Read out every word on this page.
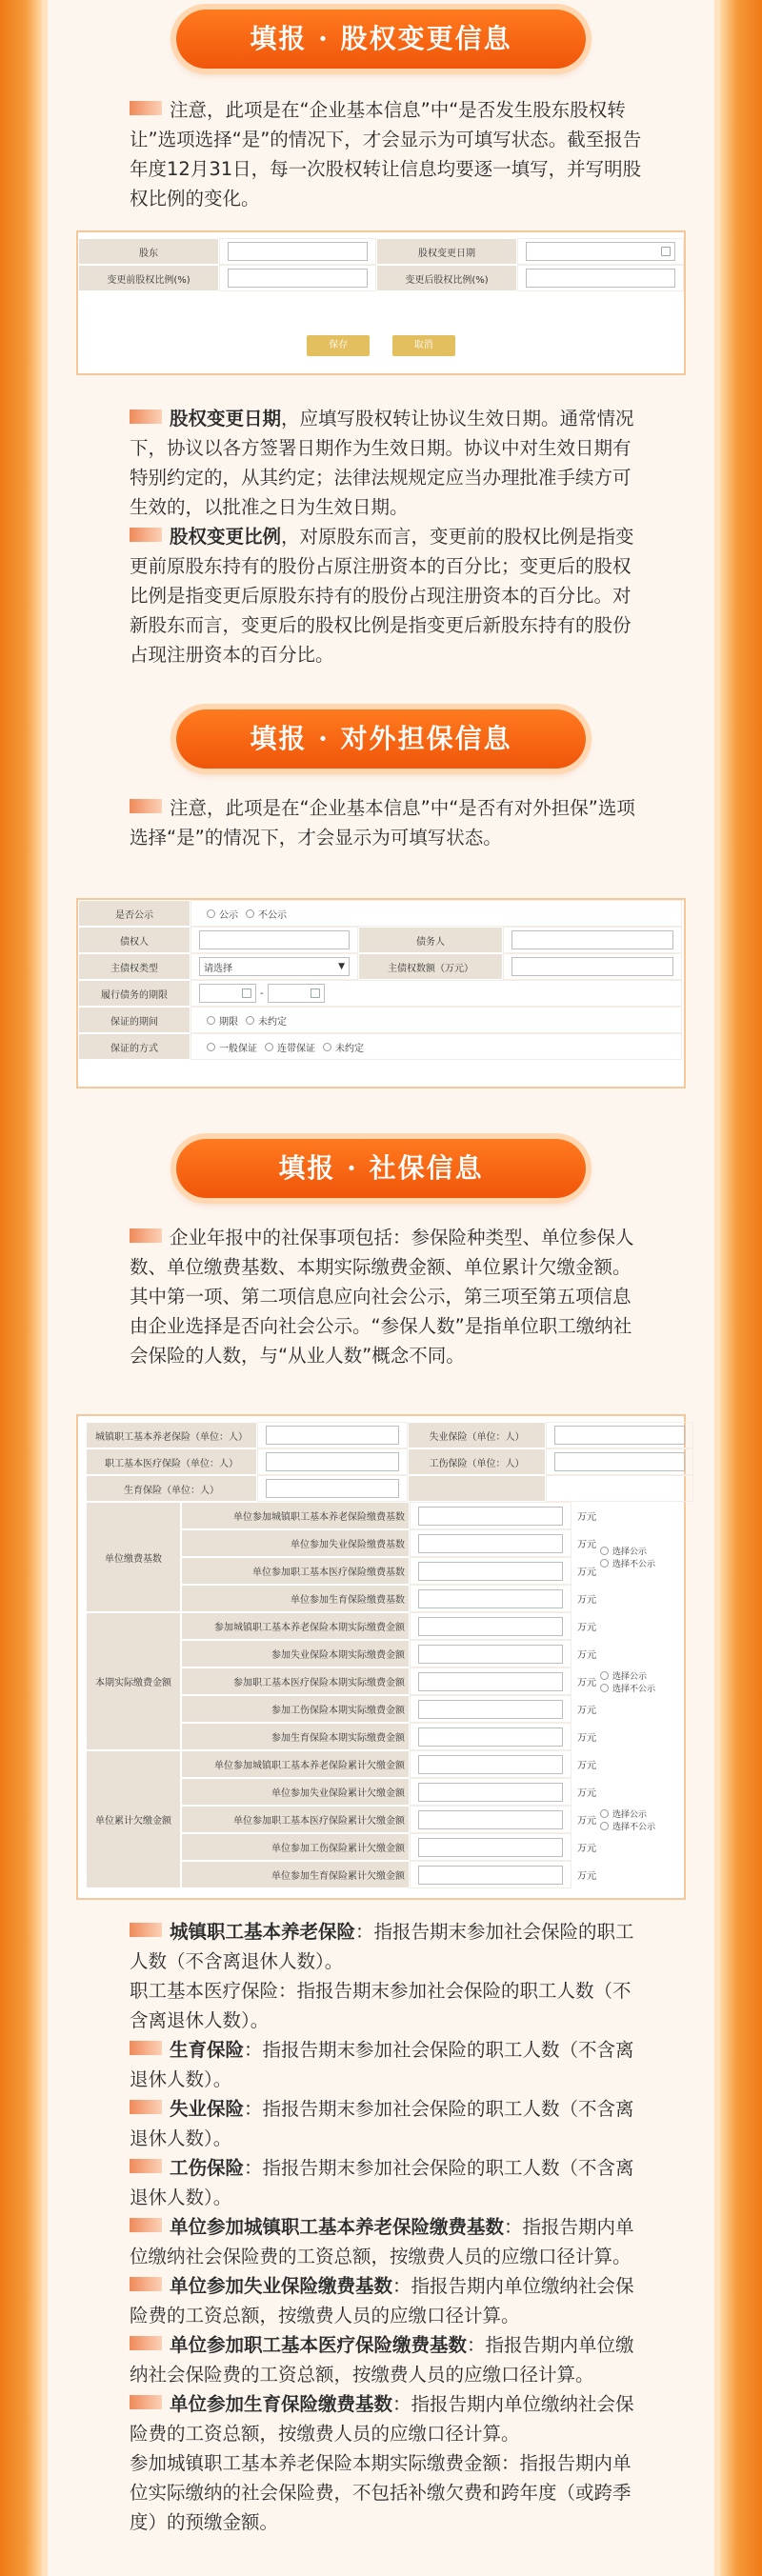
填报 · 股权变更信息
注意，此项是在“企业基本信息”中“是否发生股东股权转让”选项选择“是”的情况下，才会显示为可填写状态。截至报告年度12月31日，每一次股权转让信息均要逐一填写，并写明股权比例的变化。
股东	股权变更日期
变更前股权比例(%)	变更后股权比例(%)
保存	取消

股权变更日期，应填写股权转让协议生效日期。通常情况下，协议以各方签署日期作为生效日期。协议中对生效日期有特别约定的，从其约定；法律法规规定应当办理批准手续方可生效的，以批准之日为生效日期。

股权变更比例，对原股东而言，变更前的股权比例是指变更前原股东持有的股份占原注册资本的百分比；变更后的股权比例是指变更后原股东持有的股份占现注册资本的百分比。对新股东而言，变更后的股权比例是指变更后新股东持有的股份占现注册资本的百分比。

填报 · 对外担保信息
注意，此项是在“企业基本信息”中“是否有对外担保”选项选择“是”的情况下，才会显示为可填写状态。
是否公示	公示 不公示
债权人	债务人
主债权类型	请选择	▼	主债权数额（万元）
履行债务的期限	-
保证的期间	期限 未约定
保证的方式	一般保证 连带保证 未约定
填报 · 社保信息
企业年报中的社保事项包括：参保险种类型、单位参保人数、单位缴费基数、本期实际缴费金额、单位累计欠缴金额。其中第一项、第二项信息应向社会公示，第三项至第五项信息由企业选择是否向社会公示。“参保人数”是指单位职工缴纳社会保险的人数，与“从业人数”概念不同。
城镇职工基本养老保险（单位：人）	失业保险（单位：人）
职工基本医疗保险（单位：人）	工伤保险（单位：人）
生育保险（单位：人）
单位缴费基数
单位参加城镇职工基本养老保险缴费基数	万元
选择公示
选择不公示
单位参加失业保险缴费基数	万元
单位参加职工基本医疗保险缴费基数	万元
单位参加生育保险缴费基数	万元
本期实际缴费金额
参加城镇职工基本养老保险本期实际缴费金额	万元
选择公示
选择不公示
参加失业保险本期实际缴费金额	万元
参加职工基本医疗保险本期实际缴费金额	万元
参加工伤保险本期实际缴费金额	万元
参加生育保险本期实际缴费金额	万元
单位累计欠缴金额
单位参加城镇职工基本养老保险累计欠缴金额	万元
选择公示
选择不公示
单位参加失业保险累计欠缴金额	万元
单位参加职工基本医疗保险累计欠缴金额	万元
单位参加工伤保险累计欠缴金额	万元
单位参加生育保险累计欠缴金额	万元

城镇职工基本养老保险：指报告期末参加社会保险的职工人数（不含离退休人数）。

职工基本医疗保险：指报告期末参加社会保险的职工人数（不含离退休人数）。

生育保险：指报告期末参加社会保险的职工人数（不含离退休人数）。

失业保险：指报告期末参加社会保险的职工人数（不含离退休人数）。

工伤保险：指报告期末参加社会保险的职工人数（不含离退休人数）。

单位参加城镇职工基本养老保险缴费基数：指报告期内单位缴纳社会保险费的工资总额，按缴费人员的应缴口径计算。

单位参加失业保险缴费基数：指报告期内单位缴纳社会保险费的工资总额，按缴费人员的应缴口径计算。

单位参加职工基本医疗保险缴费基数：指报告期内单位缴纳社会保险费的工资总额，按缴费人员的应缴口径计算。

单位参加生育保险缴费基数：指报告期内单位缴纳社会保险费的工资总额，按缴费人员的应缴口径计算。

参加城镇职工基本养老保险本期实际缴费金额：指报告期内单位实际缴纳的社会保险费，不包括补缴欠费和跨年度（或跨季度）的预缴金额。
